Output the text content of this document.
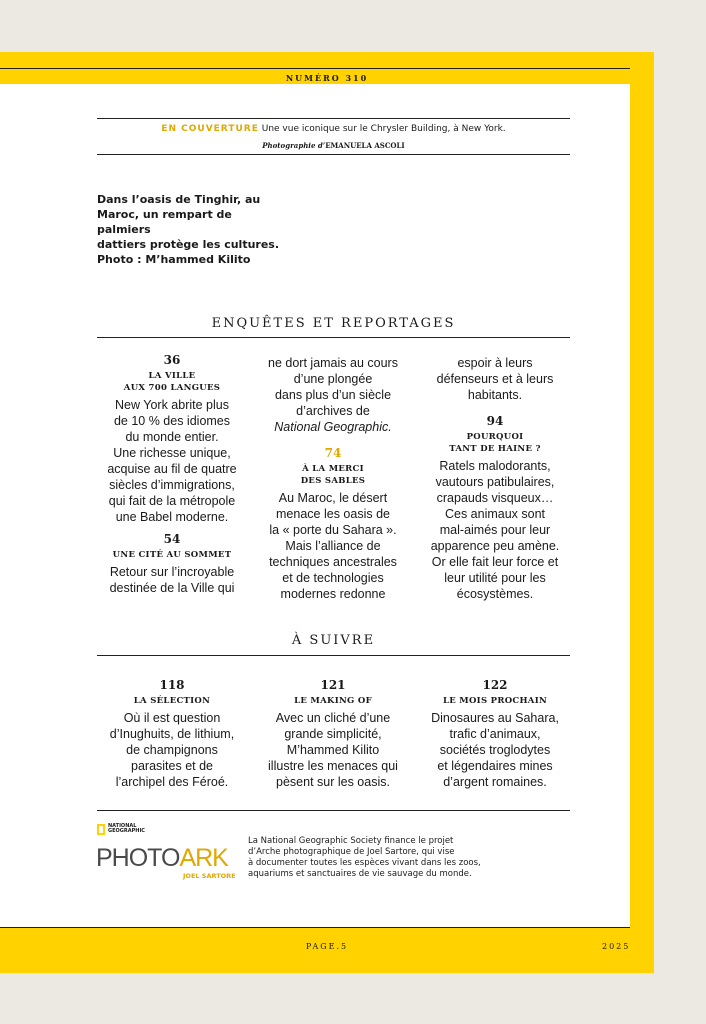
NUMÉRO 310
EN COUVERTURE Une vue iconique sur le Chrysler Building, à New York.
Photographie d’EMANUELA ASCOLI
Dans l’oasis de Tinghir, au
Maroc, un rempart de palmiers
dattiers protège les cultures.
Photo : M’hammed Kilito
ENQUÊTES ET REPORTAGES
36
LA VILLE
AUX 700 LANGUES
New York abrite plus
de 10 % des idiomes
du monde entier.
Une richesse unique,
acquise au fil de quatre
siècles d’immigrations,
qui fait de la métropole
une Babel moderne.
54
UNE CITÉ AU SOMMET
Retour sur l’incroyable
destinée de la Ville qui
ne dort jamais au cours
d’une plongée
dans plus d’un siècle
d’archives de
National Geographic.
74
À LA MERCI
DES SABLES
Au Maroc, le désert
menace les oasis de
la « porte du Sahara ».
Mais l’alliance de
techniques ancestrales
et de technologies
modernes redonne
espoir à leurs
défenseurs et à leurs
habitants.
94
POURQUOI
TANT DE HAINE ?
Ratels malodorants,
vautours patibulaires,
crapauds visqueux…
Ces animaux sont
mal-aimés pour leur
apparence peu amène.
Or elle fait leur force et
leur utilité pour les
écosystèmes.
À SUIVRE
118
LA SÉLECTION
Où il est question
d’Inughuits, de lithium,
de champignons
parasites et de
l’archipel des Féroé.
121
LE MAKING OF
Avec un cliché d’une
grande simplicité,
M’hammed Kilito
illustre les menaces qui
pèsent sur les oasis.
122
LE MOIS PROCHAIN
Dinosaures au Sahara,
trafic d’animaux,
sociétés troglodytes
et légendaires mines
d’argent romaines.
NATIONAL
GEOGRAPHIC
PHOTOARK
JOEL SARTORE
La National Geographic Society finance le projet
d’Arche photographique de Joel Sartore, qui vise
à documenter toutes les espèces vivant dans les zoos,
aquariums et sanctuaires de vie sauvage du monde.
PAGE.5	2025
